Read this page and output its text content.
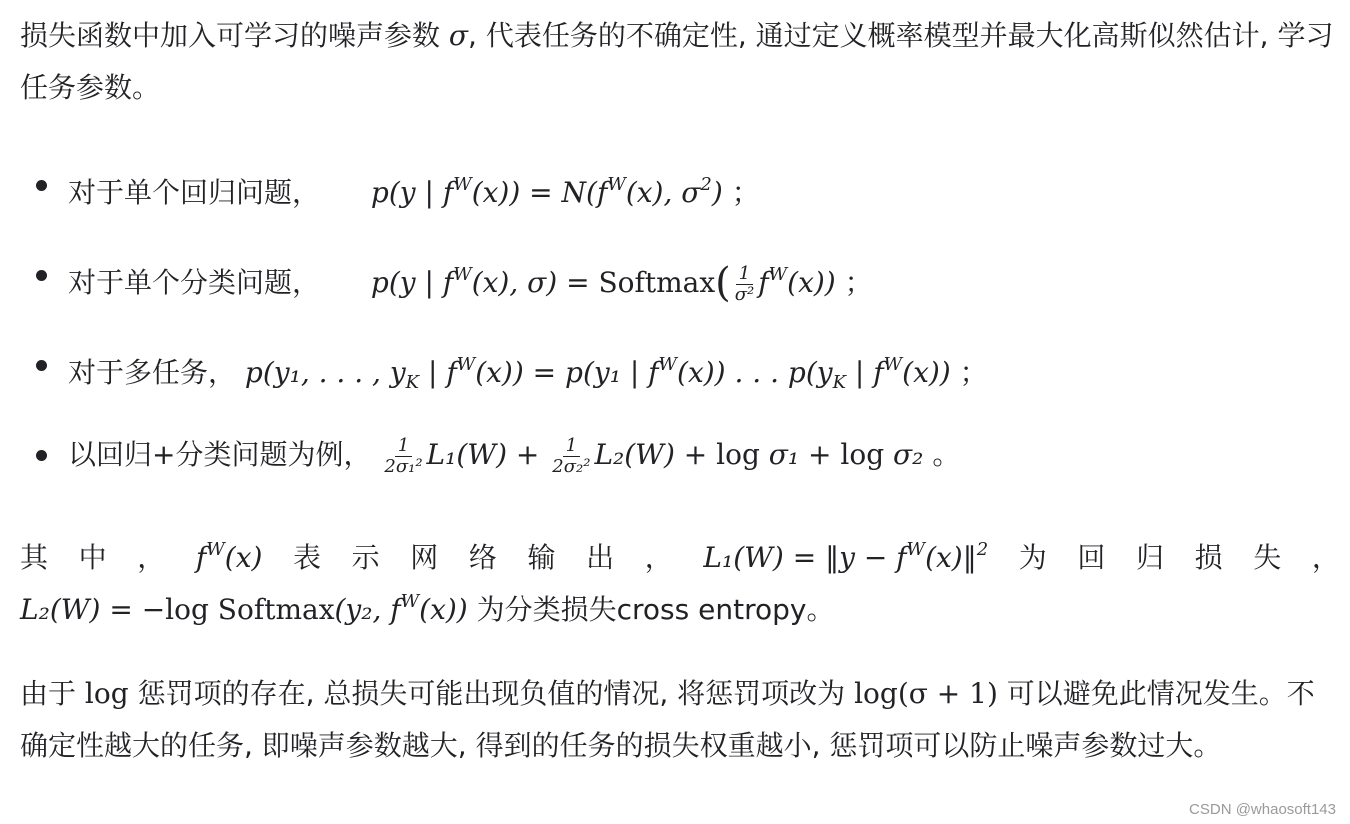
损失函数中加入可学习的噪声参数 σ, 代表任务的不确定性, 通过定义概率模型并最大化高斯似然估计, 学习任务参数。

对于单个回归问题， p(y | $f^W(x)) = N(f^W(x)$, $\sigma^2$) ；
对于单个分类问题， p(y | $f^W(x)$, σ) = Softmax( $\frac{1}{\text{σ²}} f^W(x)$) ；
对于多任务， p(y₁, . . . , $y_K$ | $f^W(x)) = p(y_1$ | $f^W(x)$) . . . $p(y_K$ | $f^W(x)$) ；
以回归+分类问题为例， $\frac{1}{\text{2σ₁²}} L_1(W) + \frac{1}{\text{2σ₂²}} L_2(W) + \log \sigma_1 + \log \sigma_2$ 。
其 中 ， $f^W(x)$ 表 示 网 络 输 出 ， L₁(W) = ‖y − $f^W(x)‖^2$ 为 回 归 损 失 ，
L₂(W) = −log Softmax(y₂, $f^W(x)$) 为分类损失cross entropy。

由于 log 惩罚项的存在, 总损失可能出现负值的情况, 将惩罚项改为 log(σ + 1) 可以避免此情况发生。不确定性越大的任务, 即噪声参数越大, 得到的任务的损失权重越小, 惩罚项可以防止噪声参数过大。

CSDN @whaosoft143
